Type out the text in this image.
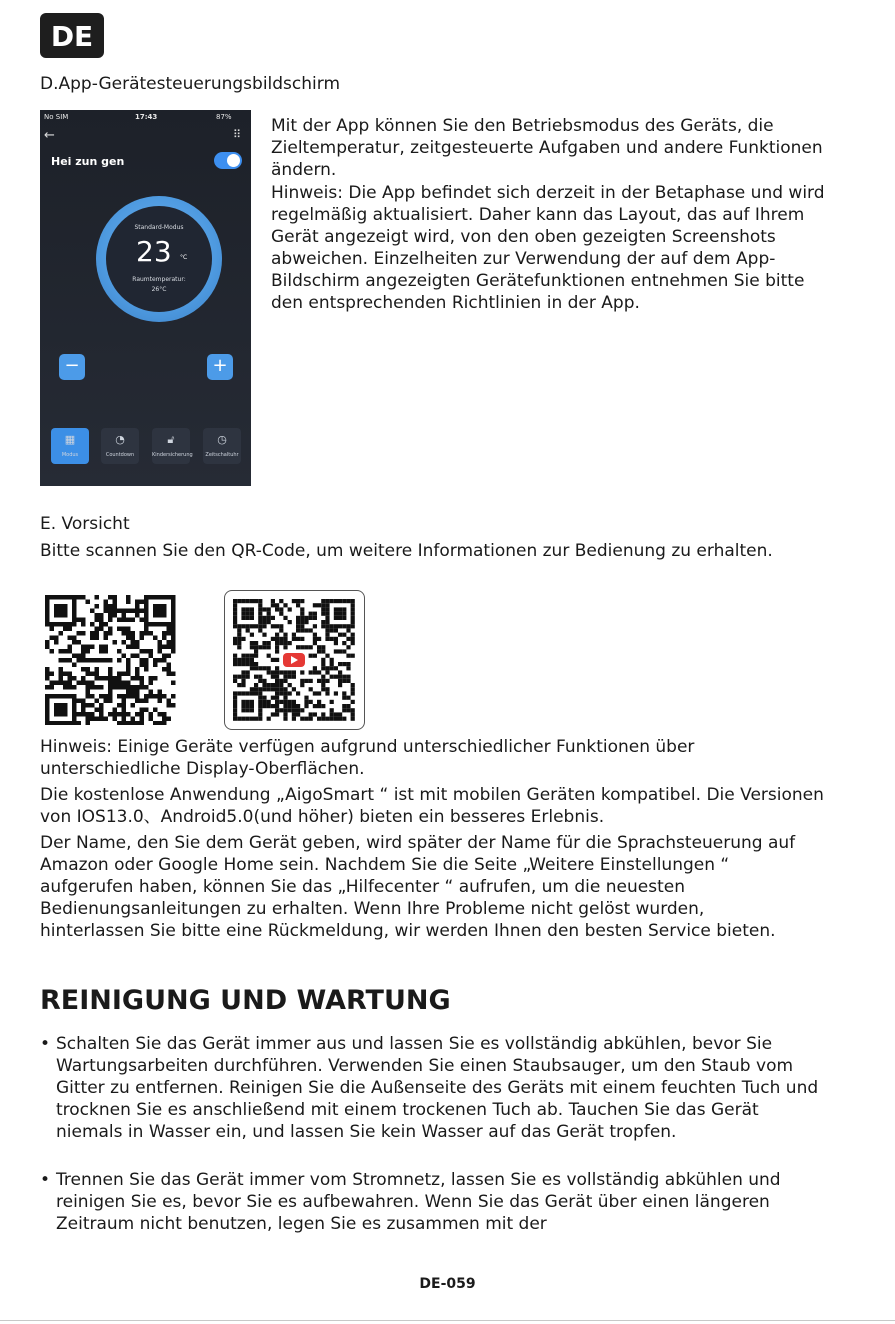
DE
D.App-Gerätesteuerungsbildschirm
No SIM	17:43	87%
←	⠿
Hei zun gen
Standard-Modus
23 °C
Raumtemperatur:
26°C
−	+
▦
Modus
◔
Countdown
🔓︎
Kindersicherung
◷
Zeitschaltuhr

Mit der App können Sie den Betriebsmodus des Geräts, die Zieltemperatur, zeitgesteuerte Aufgaben und andere Funktionen ändern.

Hinweis: Die App befindet sich derzeit in der Betaphase und wird regelmäßig aktualisiert. Daher kann das Layout, das auf Ihrem Gerät angezeigt wird, von den oben gezeigten Screenshots abweichen. Einzelheiten zur Verwendung der auf dem App-Bildschirm angezeigten Gerätefunktionen entnehmen Sie bitte den entsprechenden Richtlinien in der App.

E. Vorsicht

Bitte scannen Sie den QR-Code, um weitere Informationen zur Bedienung zu erhalten.

Hinweis: Einige Geräte verfügen aufgrund unterschiedlicher Funktionen über unterschiedliche Display-Oberflächen.

Die kostenlose Anwendung „AigoSmart “ ist mit mobilen Geräten kompatibel. Die Versionen von IOS13.0、Android5.0(und höher) bieten ein besseres Erlebnis.

Der Name, den Sie dem Gerät geben, wird später der Name für die Sprachsteuerung auf Amazon oder Google Home sein. Nachdem Sie die Seite „Weitere Einstellungen “ aufgerufen haben, können Sie das „Hilfecenter “ aufrufen, um die neuesten Bedienungsanleitungen zu erhalten. Wenn Ihre Probleme nicht gelöst wurden, hinterlassen Sie bitte eine Rückmeldung, wir werden Ihnen den besten Service bieten.

REINIGUNG UND WARTUNG
• Schalten Sie das Gerät immer aus und lassen Sie es vollständig abkühlen, bevor Sie Wartungsarbeiten durchführen. Verwenden Sie einen Staubsauger, um den Staub vom Gitter zu entfernen. Reinigen Sie die Außenseite des Geräts mit einem feuchten Tuch und trocknen Sie es anschließend mit einem trockenen Tuch ab. Tauchen Sie das Gerät niemals in Wasser ein, und lassen Sie kein Wasser auf das Gerät tropfen.

• Trennen Sie das Gerät immer vom Stromnetz, lassen Sie es vollständig abkühlen und reinigen Sie es, bevor Sie es aufbewahren. Wenn Sie das Gerät über einen längeren Zeitraum nicht benutzen, legen Sie es zusammen mit der

DE-059
